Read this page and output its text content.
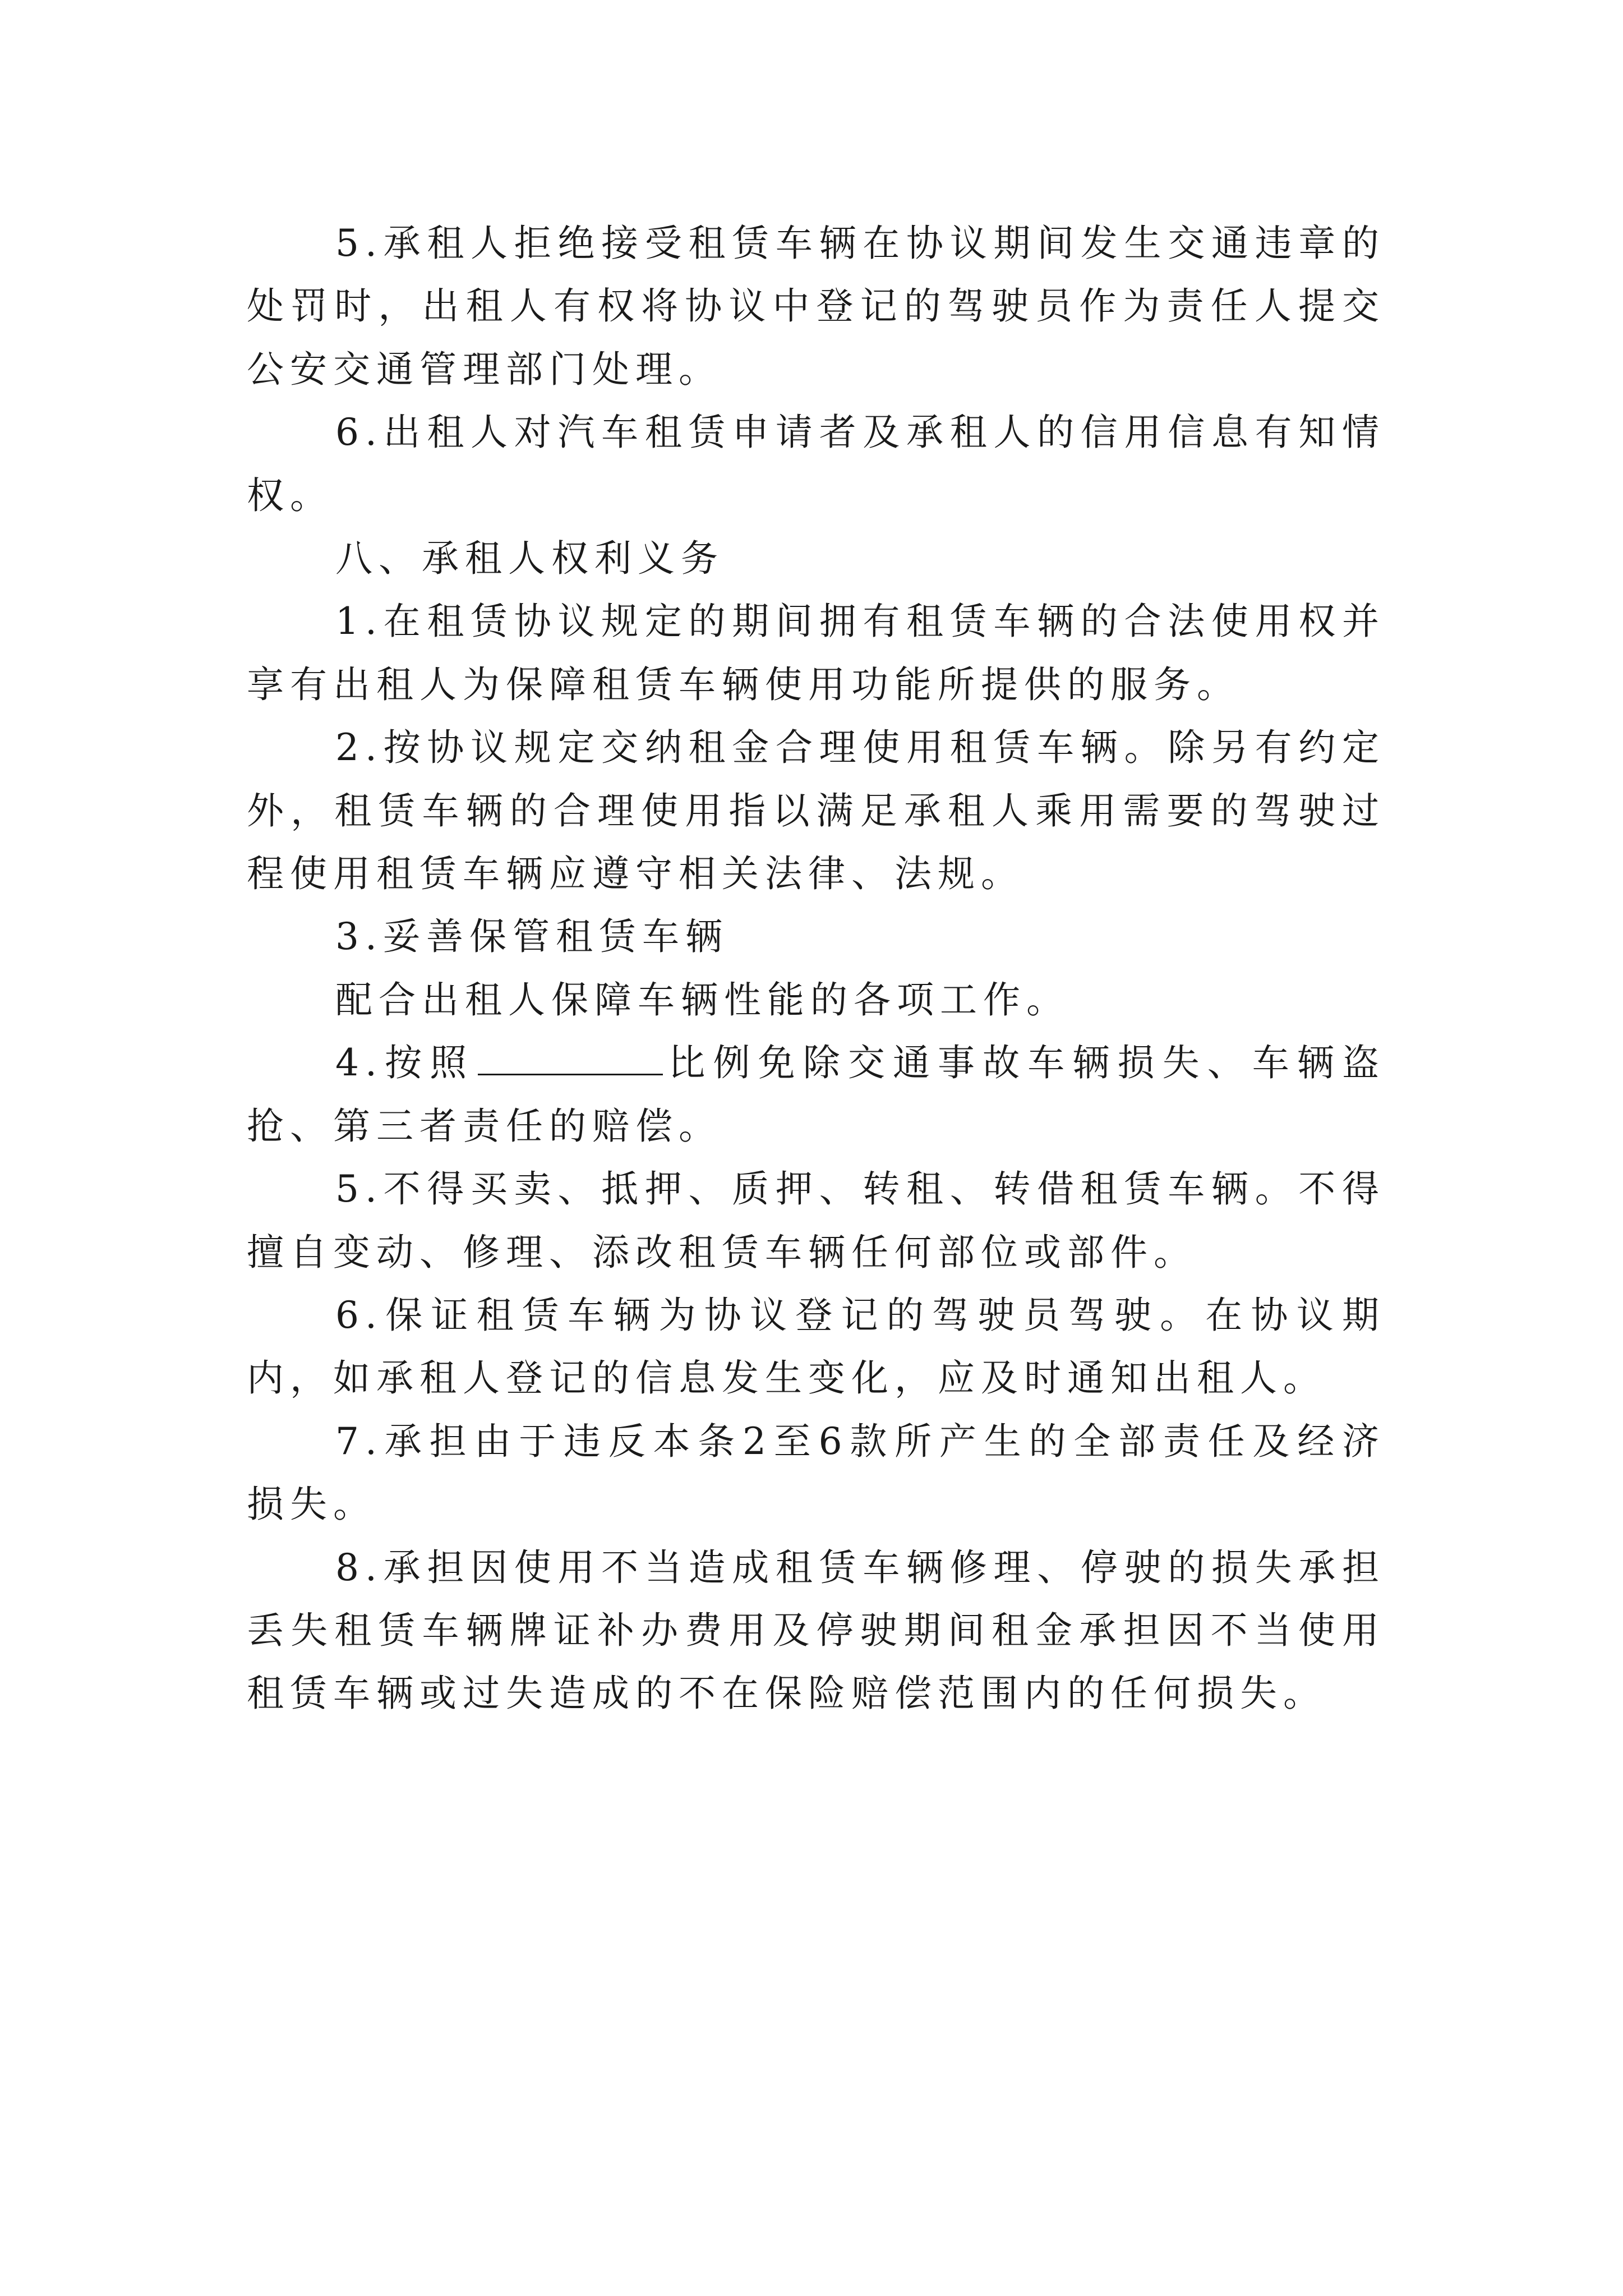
5.承租人拒绝接受租赁车辆在协议期间发生交通违章的处罚时，出租人有权将协议中登记的驾驶员作为责任人提交公安交通管理部门处理。

6.出租人对汽车租赁申请者及承租人的信用信息有知情权。

八、承租人权利义务

1.在租赁协议规定的期间拥有租赁车辆的合法使用权并享有出租人为保障租赁车辆使用功能所提供的服务。

2.按协议规定交纳租金合理使用租赁车辆。除另有约定外，租赁车辆的合理使用指以满足承租人乘用需要的驾驶过程使用租赁车辆应遵守相关法律、法规。

3.妥善保管租赁车辆

配合出租人保障车辆性能的各项工作。

4.按照	比例免除交通事故车辆损失、车辆盗抢、第三者责任的赔偿。

5.不得买卖、抵押、质押、转租、转借租赁车辆。不得擅自变动、修理、添改租赁车辆任何部位或部件。

6.保证租赁车辆为协议登记的驾驶员驾驶。在协议期内，如承租人登记的信息发生变化，应及时通知出租人。

7.承担由于违反本条2至6款所产生的全部责任及经济损失。

8.承担因使用不当造成租赁车辆修理、停驶的损失承担丢失租赁车辆牌证补办费用及停驶期间租金承担因不当使用租赁车辆或过失造成的不在保险赔偿范围内的任何损失。
